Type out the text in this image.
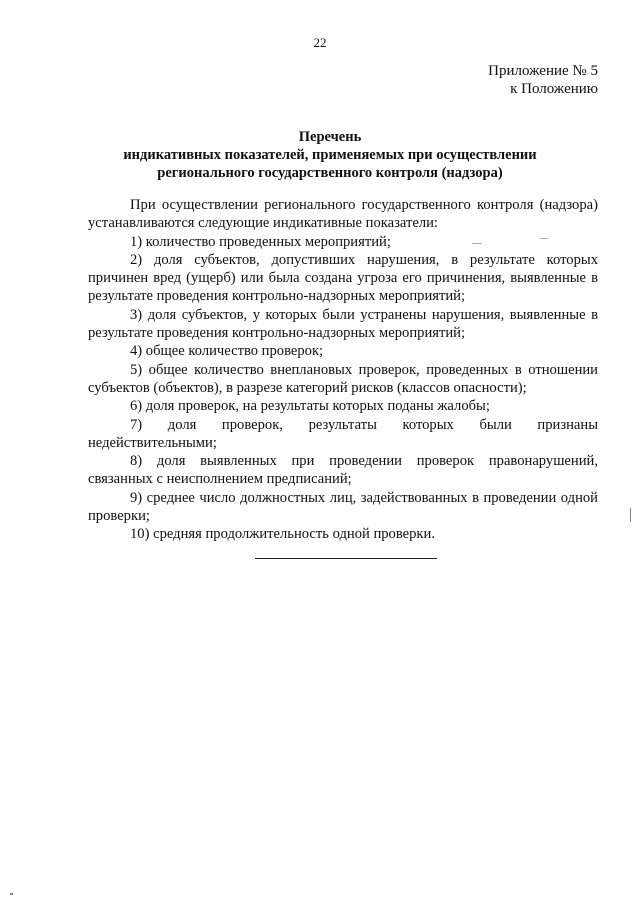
22
Приложение № 5
к Положению
Перечень
индикативных показателей, применяемых при осуществлении
регионального государственного контроля (надзора)

При осуществлении регионального государственного контроля (надзора) устанавливаются следующие индикативные показатели:

1) количество проведенных мероприятий;

2) доля субъектов, допустивших нарушения, в результате которых причинен вред (ущерб) или была создана угроза его причинения, выявленные в результате проведения контрольно-надзорных мероприятий;

3) доля субъектов, у которых были устранены нарушения, выявленные в результате проведения контрольно-надзорных мероприятий;

4) общее количество проверок;

5) общее количество внеплановых проверок, проведенных в отношении субъектов (объектов), в разрезе категорий рисков (классов опасности);

6) доля проверок, на результаты которых поданы жалобы;

7) доля проверок, результаты которых были признаны недействительными;

8) доля выявленных при проведении проверок правонарушений, связанных с неисполнением предписаний;

9) среднее число должностных лиц, задействованных в проведении одной проверки;

10) средняя продолжительность одной проверки.
